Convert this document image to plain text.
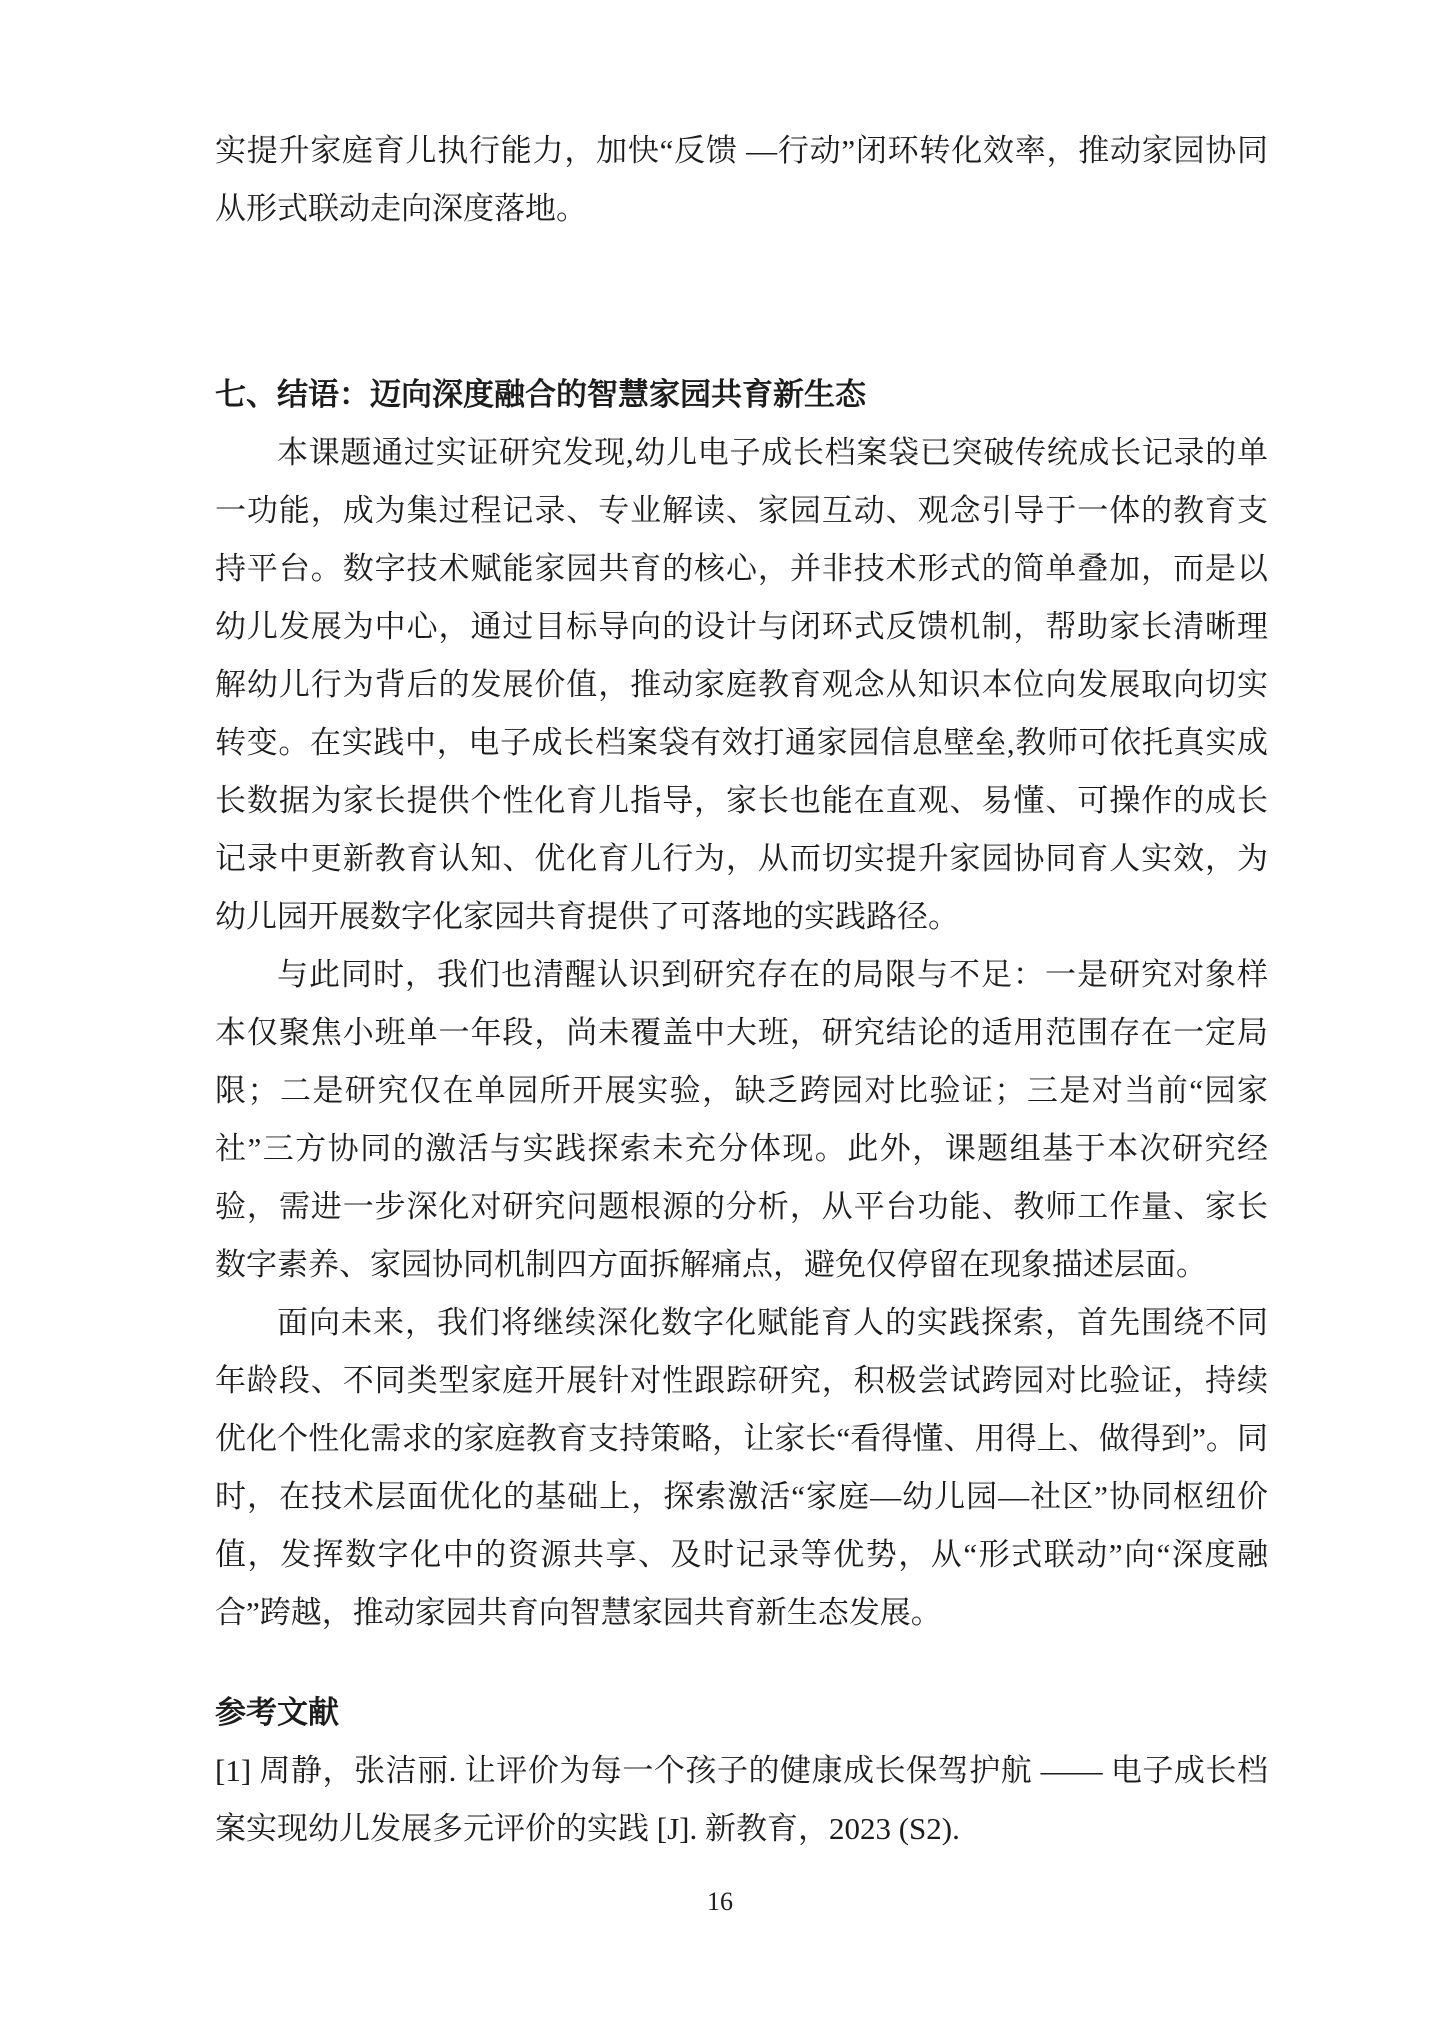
实提升家庭育儿执行能力，加快“反馈 —行动”闭环转化效率，推动家园协同从形式联动走向深度落地。

七、结语：迈向深度融合的智慧家园共育新生态

本课题通过实证研究发现,幼儿电子成长档案袋已突破传统成长记录的单一功能，成为集过程记录、专业解读、家园互动、观念引导于一体的教育支持平台。数字技术赋能家园共育的核心，并非技术形式的简单叠加，而是以幼儿发展为中心，通过目标导向的设计与闭环式反馈机制，帮助家长清晰理解幼儿行为背后的发展价值，推动家庭教育观念从知识本位向发展取向切实转变。在实践中，电子成长档案袋有效打通家园信息壁垒,教师可依托真实成长数据为家长提供个性化育儿指导，家长也能在直观、易懂、可操作的成长记录中更新教育认知、优化育儿行为，从而切实提升家园协同育人实效，为幼儿园开展数字化家园共育提供了可落地的实践路径。

与此同时，我们也清醒认识到研究存在的局限与不足：一是研究对象样本仅聚焦小班单一年段，尚未覆盖中大班，研究结论的适用范围存在一定局限；二是研究仅在单园所开展实验，缺乏跨园对比验证；三是对当前“园家社”三方协同的激活与实践探索未充分体现。此外，课题组基于本次研究经验，需进一步深化对研究问题根源的分析，从平台功能、教师工作量、家长数字素养、家园协同机制四方面拆解痛点，避免仅停留在现象描述层面。

面向未来，我们将继续深化数字化赋能育人的实践探索，首先围绕不同年龄段、不同类型家庭开展针对性跟踪研究，积极尝试跨园对比验证，持续优化个性化需求的家庭教育支持策略，让家长“看得懂、用得上、做得到”。同时，在技术层面优化的基础上，探索激活“家庭—幼儿园—社区”协同枢纽价值，发挥数字化中的资源共享、及时记录等优势，从“形式联动”向“深度融合”跨越，推动家园共育向智慧家园共育新生态发展。

参考文献

[1] 周静，张洁丽. 让评价为每一个孩子的健康成长保驾护航 —— 电子成长档案实现幼儿发展多元评价的实践 [J]. 新教育，2023 (S2).

16
